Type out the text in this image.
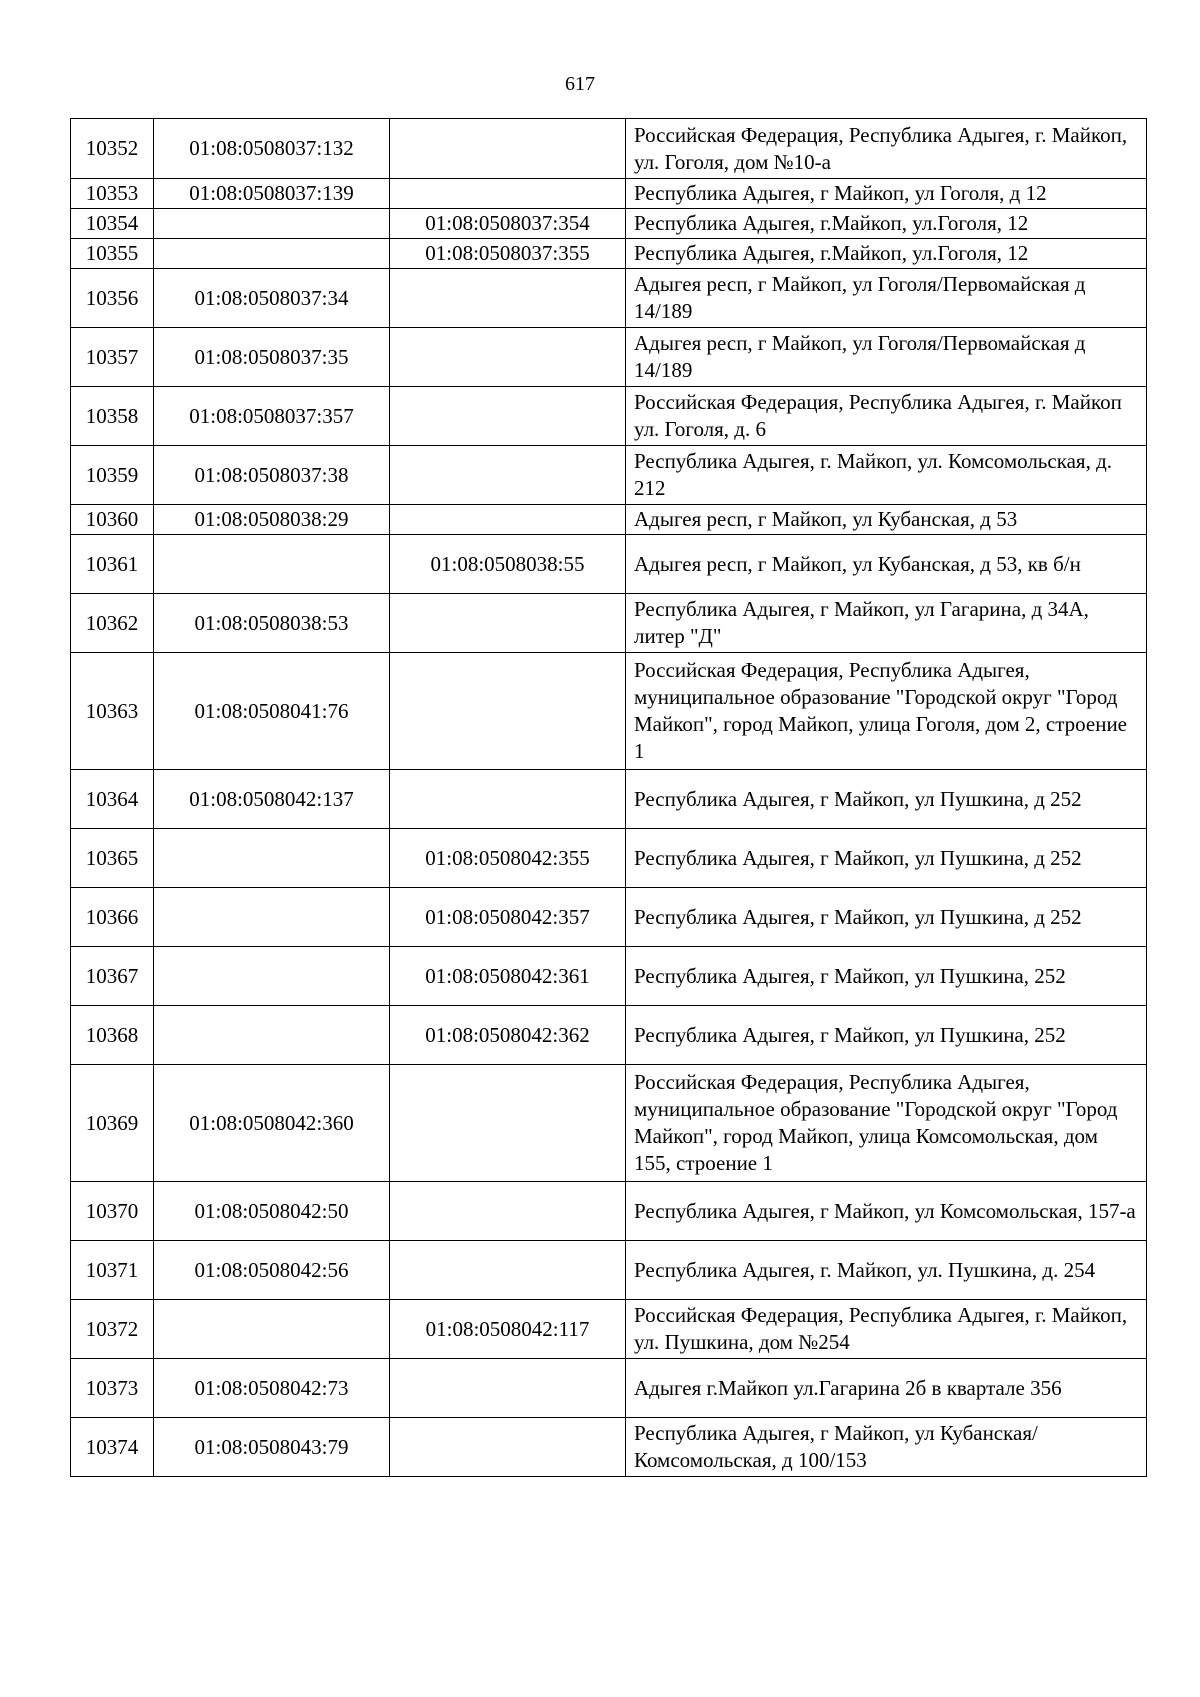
617
10352	01:08:0508037:132		Российская Федерация, Республика Адыгея, г. Майкоп, ул. Гоголя, дом №10-а
10353	01:08:0508037:139		Республика Адыгея, г Майкоп, ул Гоголя, д 12
10354		01:08:0508037:354	Республика Адыгея, г.Майкоп, ул.Гоголя, 12
10355		01:08:0508037:355	Республика Адыгея, г.Майкоп, ул.Гоголя, 12
10356	01:08:0508037:34		Адыгея респ, г Майкоп, ул Гоголя/Первомайская д 14/189
10357	01:08:0508037:35		Адыгея респ, г Майкоп, ул Гоголя/Первомайская д 14/189
10358	01:08:0508037:357		Российская Федерация, Республика Адыгея, г. Майкоп ул. Гоголя, д. 6
10359	01:08:0508037:38		Республика Адыгея, г. Майкоп, ул. Комсомольская, д. 212
10360	01:08:0508038:29		Адыгея респ, г Майкоп, ул Кубанская, д 53
10361		01:08:0508038:55	Адыгея респ, г Майкоп, ул Кубанская, д 53, кв б/н
10362	01:08:0508038:53		Республика Адыгея, г Майкоп, ул Гагарина, д 34А, литер "Д"
10363	01:08:0508041:76		Российская Федерация, Республика Адыгея, муниципальное образование "Городской округ "Город Майкоп", город Майкоп, улица Гоголя, дом 2, строение 1
10364	01:08:0508042:137		Республика Адыгея, г Майкоп, ул Пушкина, д 252
10365		01:08:0508042:355	Республика Адыгея, г Майкоп, ул Пушкина, д 252
10366		01:08:0508042:357	Республика Адыгея, г Майкоп, ул Пушкина, д 252
10367		01:08:0508042:361	Республика Адыгея, г Майкоп, ул Пушкина, 252
10368		01:08:0508042:362	Республика Адыгея, г Майкоп, ул Пушкина, 252
10369	01:08:0508042:360		Российская Федерация, Республика Адыгея, муниципальное образование "Городской округ "Город Майкоп", город Майкоп, улица Комсомольская, дом 155, строение 1
10370	01:08:0508042:50		Республика Адыгея, г Майкоп, ул Комсомольская, 157-а
10371	01:08:0508042:56		Республика Адыгея, г. Майкоп, ул. Пушкина, д. 254
10372		01:08:0508042:117	Российская Федерация, Республика Адыгея, г. Майкоп, ул. Пушкина, дом №254
10373	01:08:0508042:73		Адыгея г.Майкоп ул.Гагарина 2б в квартале 356
10374	01:08:0508043:79		Республика Адыгея, г Майкоп, ул Кубанская/Комсомольская, д 100/153
